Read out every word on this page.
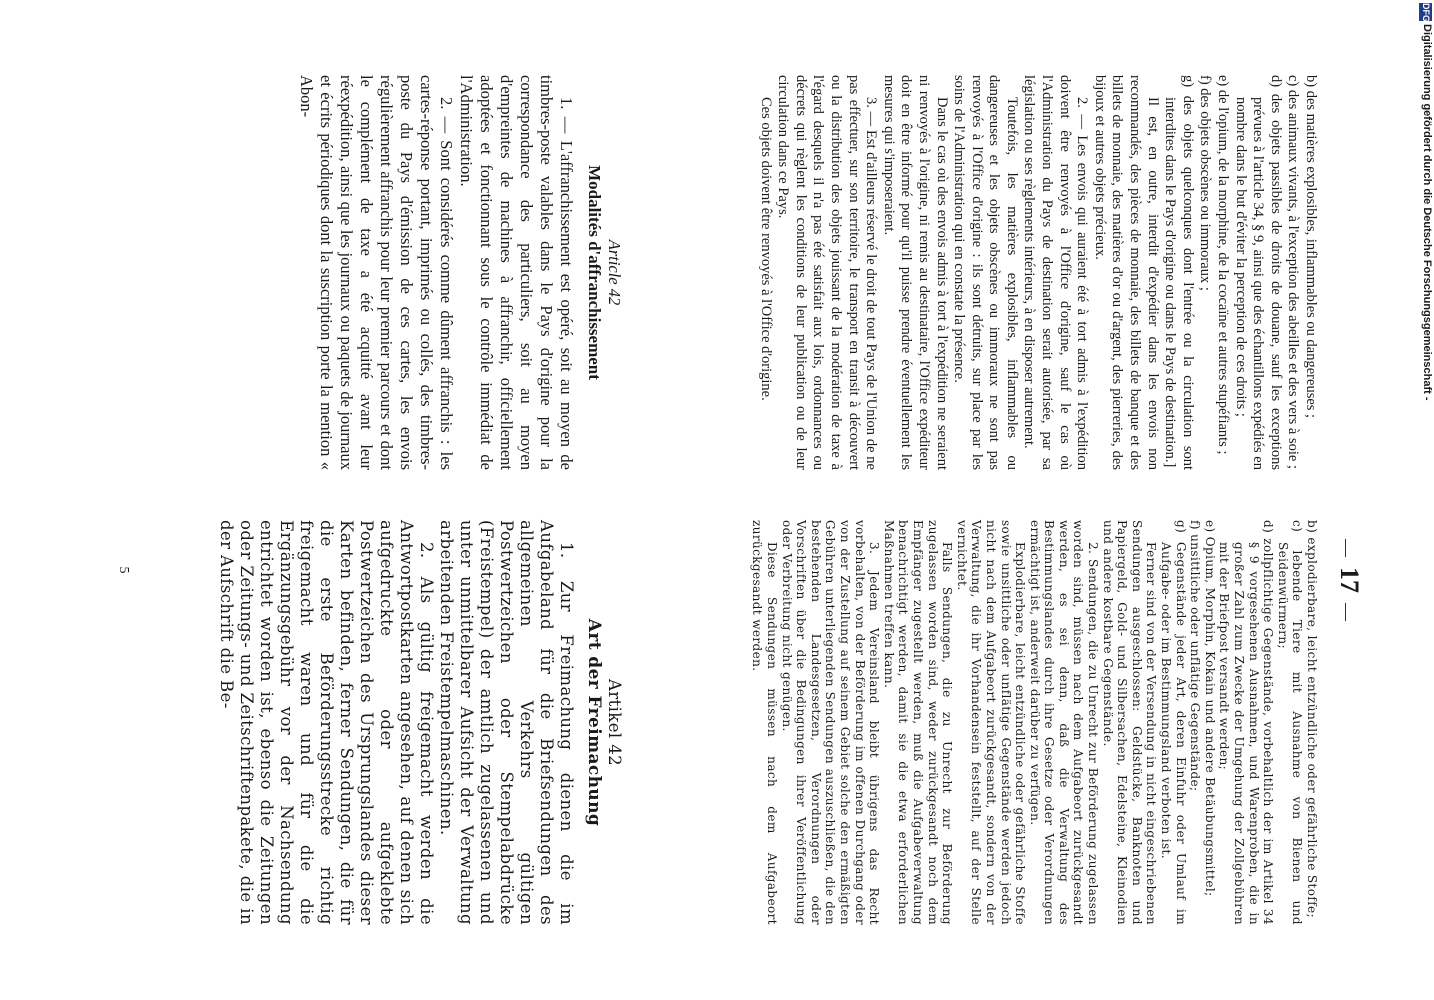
—17—

b) des matières explosibles, inflammables ou dangereuses ;

c) des animaux vivants, à l'exception des abeilles et des vers à soie ;

d) des objets passibles de droits de douane, sauf les exceptions prévues à l'article 34, § 9, ainsi que des échantillons expédiés en nombre dans le but d'éviter la perception de ces droits ;

e) de l'opium, de la morphine, de la cocaïne et autres stupéfiants ;

f) des objets obscènes ou immoraux ;

g) des objets quelconques dont l'entrée ou la circulation sont interdites dans le Pays d'origine ou dans le Pays de destination.]

Il est, en outre, interdit d'expédier dans les envois non recommandés, des pièces de monnaie, des billets de banque et des billets de monnaie, des matières d'or ou d'argent, des pierreries, des bijoux et autres objets précieux.

2. — Les envois qui auraient été à tort admis à l'expédition doivent être renvoyés à l'Office d'origine, sauf le cas où l'Administration du Pays de destination serait autorisée, par sa législation ou ses règlements intérieurs, à en disposer autrement.

Toutefois, les matières explosibles, inflammables ou dangereuses et les objets obscènes ou immoraux ne sont pas renvoyés à l'Office d'origine : ils sont détruits, sur place par les soins de l'Administration qui en constate la présence.

Dans le cas où des envois admis à tort à l'expédition ne seraient ni renvoyés à l'origine, ni remis au destinataire, l'Office expéditeur doit en être informé pour qu'il puisse prendre éventuellement les mesures qui s'imposeraient.

3. — Est d'ailleurs réservé le droit de tout Pays de l'Union de ne pas effectuer, sur son territoire, le transport en transit à découvert ou la distribution des objets jouissant de la modération de taxe à l'égard desquels il n'a pas été satisfait aux lois, ordonnances ou décrets qui règlent les conditions de leur publication ou de leur circulation dans ce Pays.

Ces objets doivent être renvoyés à l'Office d'origine.

b) explodierbare, leicht entzündliche oder gefährliche Stoffe;

c) lebende Tiere mit Ausnahme von Bienen und Seidenwürmern;

d) zollpflichtige Gegenstände, vorbehaltlich der im Artikel 34 § 9 vorgesehenen Ausnahmen, und Warenproben, die in großer Zahl zum Zwecke der Umgehung der Zollgebühren mit der Briefpost versandt werden;

e) Opium, Morphin, Kokain und andere Betäubungsmittel;

f) unsittliche oder unflätige Gegenstände;

g) Gegenstände jeder Art, deren Einfuhr oder Umlauf im Aufgabe- oder im Bestimmungsland verboten ist.

Ferner sind von der Versendung in nicht eingeschriebenen Sendungen ausgeschlossen: Geldstücke, Banknoten und Papiergeld, Gold- und Silbersachen, Edelsteine, Kleinodien und andere kostbare Gegenstände.

2. Sendungen, die zu Unrecht zur Beförderung zugelassen worden sind, müssen nach dem Aufgabeort zurückgesandt werden, es sei denn, daß die Verwaltung des Bestimmungslandes durch ihre Gesetze oder Verordnungen ermächtigt ist, anderweit darüber zu verfügen.

Explodierbare, leicht entzündliche oder gefährliche Stoffe sowie unsittliche oder unflätige Gegenstände werden jedoch nicht nach dem Aufgabeort zurückgesandt, sondern von der Verwaltung, die ihr Vorhandensein feststellt, auf der Stelle vernichtet.

Falls Sendungen, die zu Unrecht zur Beförderung zugelassen worden sind, weder zurückgesandt noch dem Empfänger zugestellt werden, muß die Aufgabeverwaltung benachrichtigt werden, damit sie die etwa erforderlichen Maßnahmen treffen kann.

3. Jedem Vereinsland bleibt übrigens das Recht vorbehalten, von der Beförderung im offenen Durchgang oder von der Zustellung auf seinem Gebiet solche den ermäßigten Gebühren unterliegenden Sendungen auszuschließen, die den bestehenden Landesgesetzen, Verordnungen oder Vorschriften über die Bedingungen ihrer Veröffentlichung oder Verbreitung nicht genügen.

Diese Sendungen müssen nach dem Aufgabeort zurückgesandt werden.

Article 42

Modalités d'affranchissement

1. — L'affranchissement est opéré, soit au moyen de timbres-poste valables dans le Pays d'origine pour la correspondance des particuliers, soit au moyen d'empreintes de machines à affranchir, officiellement adoptées et fonctionnant sous le contrôle immédiat de l'Administration.

2. — Sont considérés comme dûment affranchis : les cartes-réponse portant, imprimés ou collés, des timbres-poste du Pays d'émission de ces cartes, les envois régulièrement affranchis pour leur premier parcours et dont le complément de taxe a été acquitté avant leur réexpédition, ainsi que les journaux ou paquets de journaux et écrits périodiques dont la suscription porte la mention « Abon-

Artikel 42

Art der Freimachung

1. Zur Freimachung dienen die im Aufgabeland für die Briefsendungen des allgemeinen Verkehrs gültigen Postwertzeichen oder Stempelabdrücke (Freistempel) der amtlich zugelassenen und unter unmittelbarer Aufsicht der Verwaltung arbeitenden Freistempelmaschinen.

2. Als gültig freigemacht werden die Antwortpostkarten angesehen, auf denen sich aufgedruckte oder aufgeklebte Postwertzeichen des Ursprungslandes dieser Karten befinden, ferner Sendungen, die für die erste Beförderungsstrecke richtig freigemacht waren und für die die Ergänzungsgebühr vor der Nachsendung entrichtet worden ist, ebenso die Zeitungen oder Zeitungs- und Zeitschriftenpakete, die in der Aufschrift die Be-

5
DFG
Digitalisierung gefördert durch die Deutsche Forschungsgemeinschaft -
